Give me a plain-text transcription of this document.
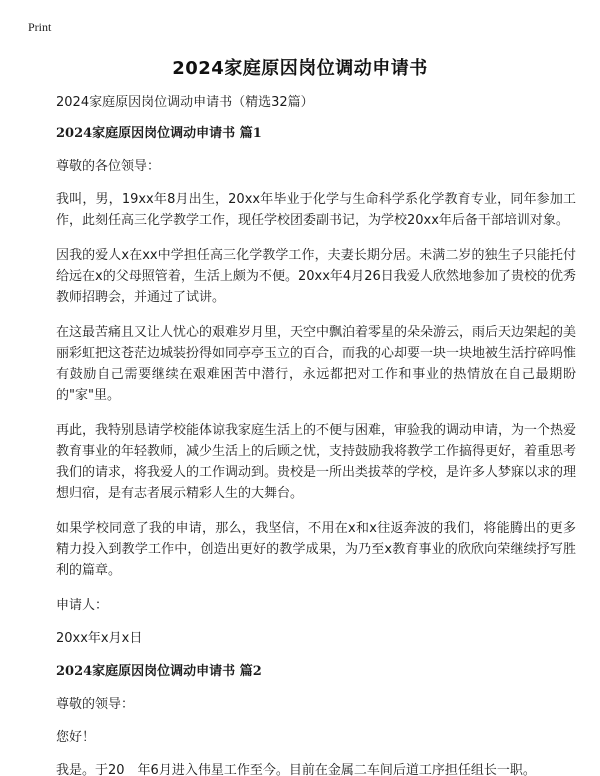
Print
2024家庭原因岗位调动申请书

2024家庭原因岗位调动申请书（精选32篇）

2024家庭原因岗位调动申请书 篇1

尊敬的各位领导：

我叫，男，19xx年8月出生，20xx年毕业于化学与生命科学系化学教育专业，同年参加工作，此刻任高三化学教学工作，现任学校团委副书记，为学校20xx年后备干部培训对象。

因我的爱人x在xx中学担任高三化学教学工作，夫妻长期分居。未满二岁的独生子只能托付给远在x的父母照管着，生活上颇为不便。20xx年4月26日我爱人欣然地参加了贵校的优秀教师招聘会，并通过了试讲。

在这最苦痛且又让人忧心的艰难岁月里，天空中飘泊着零星的朵朵游云，雨后天边架起的美丽彩虹把这苍茫边城装扮得如同亭亭玉立的百合，而我的心却要一块一块地被生活拧碎吗惟有鼓励自己需要继续在艰难困苦中潜行，永远都把对工作和事业的热情放在自己最期盼的"家"里。

再此，我特别恳请学校能体谅我家庭生活上的不便与困难，审验我的调动申请，为一个热爱教育事业的年轻教师，减少生活上的后顾之忧，支持鼓励我将教学工作搞得更好，着重思考我们的请求，将我爱人的工作调动到。贵校是一所出类拔萃的学校，是许多人梦寐以求的理想归宿，是有志者展示精彩人生的大舞台。

如果学校同意了我的申请，那么，我坚信，不用在x和x往返奔波的我们，将能腾出的更多精力投入到教学工作中，创造出更好的教学成果，为乃至x教育事业的欣欣向荣继续抒写胜利的篇章。

申请人：

20xx年x月x日

2024家庭原因岗位调动申请书 篇2

尊敬的领导：

您好！

我是。于20__年6月进入伟星工作至今。目前在金属二车间后道工序担任组长一职。
